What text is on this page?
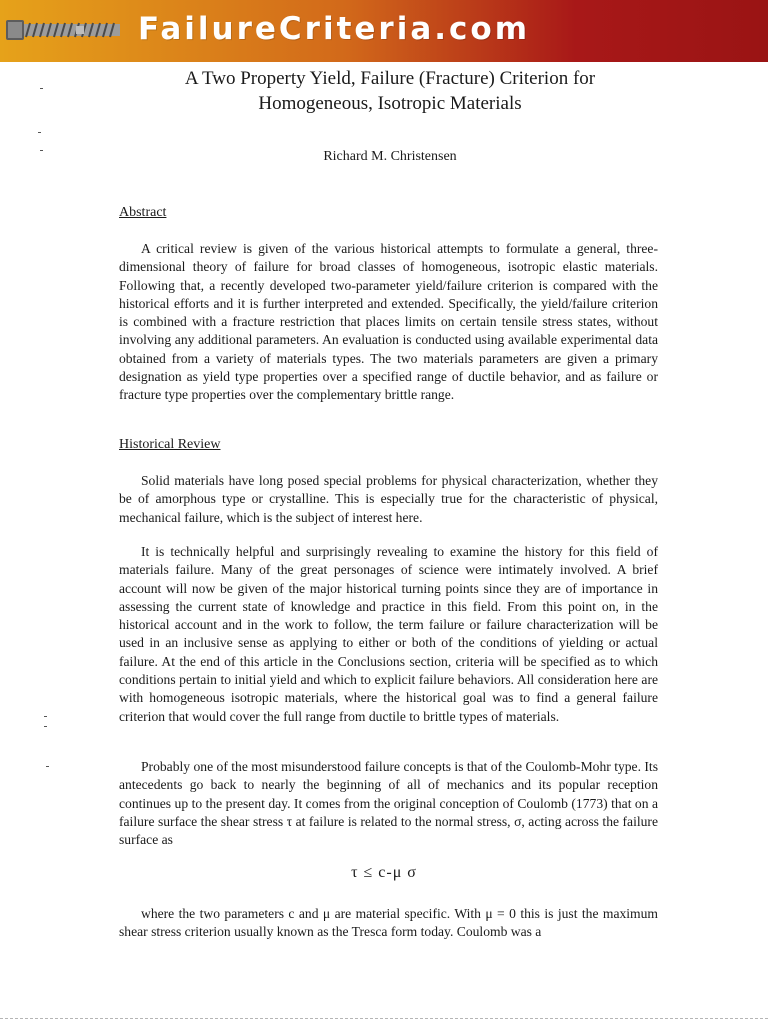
FailureCriteria.com
A Two Property Yield, Failure (Fracture) Criterion for
Homogeneous, Isotropic Materials
Richard M. Christensen
Abstract

A critical review is given of the various historical attempts to formulate a general, three-dimensional theory of failure for broad classes of homogeneous, isotropic elastic materials. Following that, a recently developed two-parameter yield/failure criterion is compared with the historical efforts and it is further interpreted and extended. Specifically, the yield/failure criterion is combined with a fracture restriction that places limits on certain tensile stress states, without involving any additional parameters. An evaluation is conducted using available experimental data obtained from a variety of materials types. The two materials parameters are given a primary designation as yield type properties over a specified range of ductile behavior, and as failure or fracture type properties over the complementary brittle range.

Historical Review

Solid materials have long posed special problems for physical characterization, whether they be of amorphous type or crystalline. This is especially true for the characteristic of physical, mechanical failure, which is the subject of interest here.

It is technically helpful and surprisingly revealing to examine the history for this field of materials failure. Many of the great personages of science were intimately involved. A brief account will now be given of the major historical turning points since they are of importance in assessing the current state of knowledge and practice in this field. From this point on, in the historical account and in the work to follow, the term failure or failure characterization will be used in an inclusive sense as applying to either or both of the conditions of yielding or actual failure. At the end of this article in the Conclusions section, criteria will be specified as to which conditions pertain to initial yield and which to explicit failure behaviors. All consideration here are with homogeneous isotropic materials, where the historical goal was to find a general failure criterion that would cover the full range from ductile to brittle types of materials.

Probably one of the most misunderstood failure concepts is that of the Coulomb-Mohr type. Its antecedents go back to nearly the beginning of all of mechanics and its popular reception continues up to the present day. It comes from the original conception of Coulomb (1773) that on a failure surface the shear stress τ at failure is related to the normal stress, σ, acting across the failure surface as

τ ≤ c-μ σ

where the two parameters c and μ are material specific. With μ = 0 this is just the maximum shear stress criterion usually known as the Tresca form today. Coulomb was a
